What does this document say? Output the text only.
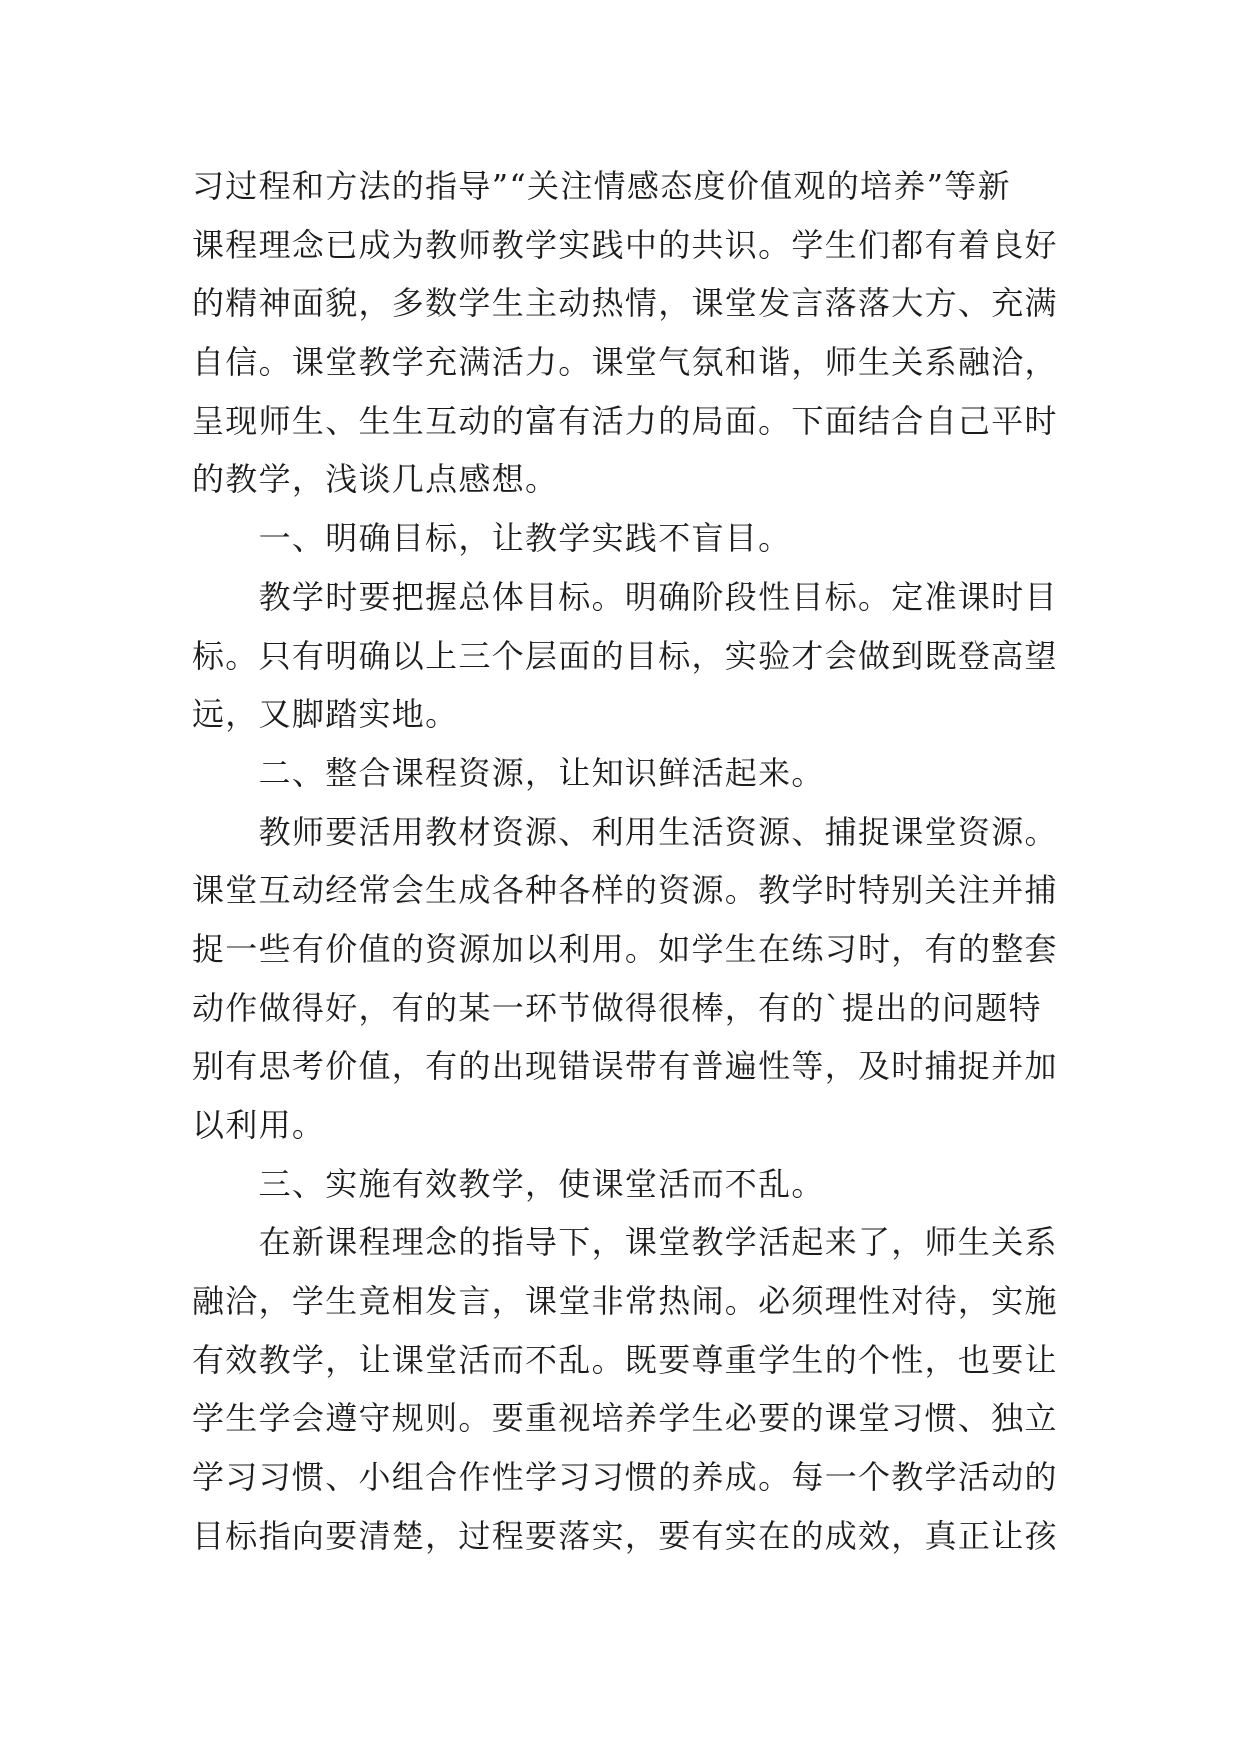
习过程和方法的指导”“关注情感态度价值观的培养”等新
课程理念已成为教师教学实践中的共识。学生们都有着良好
的精神面貌，多数学生主动热情，课堂发言落落大方、充满
自信。课堂教学充满活力。课堂气氛和谐，师生关系融洽，
呈现师生、生生互动的富有活力的局面。下面结合自己平时
的教学，浅谈几点感想。
一、明确目标，让教学实践不盲目。
教学时要把握总体目标。明确阶段性目标。定准课时目
标。只有明确以上三个层面的目标，实验才会做到既登高望
远，又脚踏实地。
二、整合课程资源，让知识鲜活起来。
教师要活用教材资源、利用生活资源、捕捉课堂资源。
课堂互动经常会生成各种各样的资源。教学时特别关注并捕
捉一些有价值的资源加以利用。如学生在练习时，有的整套
动作做得好，有的某一环节做得很棒，有的`提出的问题特
别有思考价值，有的出现错误带有普遍性等，及时捕捉并加
以利用。
三、实施有效教学，使课堂活而不乱。
在新课程理念的指导下，课堂教学活起来了，师生关系
融洽，学生竟相发言，课堂非常热闹。必须理性对待，实施
有效教学，让课堂活而不乱。既要尊重学生的个性，也要让
学生学会遵守规则。要重视培养学生必要的课堂习惯、独立
学习习惯、小组合作性学习习惯的养成。每一个教学活动的
目标指向要清楚，过程要落实，要有实在的成效，真正让孩
